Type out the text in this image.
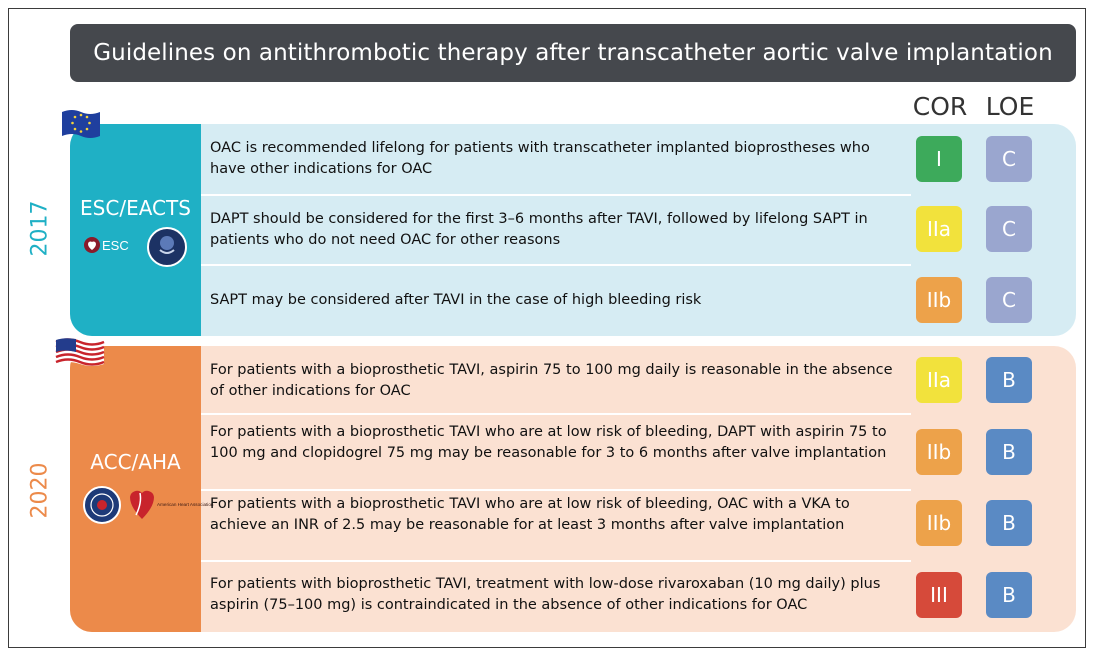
Guidelines on antithrombotic therapy after transcatheter aortic valve implantation
COR LOE
ESC/EACTS
2017	ESC
OAC is recommended lifelong for patients with transcatheter implanted bioprostheses who have other indications for OAC	I	C
DAPT should be considered for the first 3–6 months after TAVI, followed by lifelong SAPT in patients who do not need OAC for other reasons	IIa	C
SAPT may be considered after TAVI in the case of high bleeding risk	IIb	C
ACC/AHA
2020	American Heart Association
For patients with a bioprosthetic TAVI, aspirin 75 to 100 mg daily is reasonable in the absence of other indications for OAC	IIa	B
For patients with a bioprosthetic TAVI who are at low risk of bleeding, DAPT with aspirin 75 to 100 mg and clopidogrel 75 mg may be reasonable for 3 to 6 months after valve implantation	IIb	B
For patients with a bioprosthetic TAVI who are at low risk of bleeding, OAC with a VKA to achieve an INR of 2.5 may be reasonable for at least 3 months after valve implantation	IIb	B
For patients with bioprosthetic TAVI, treatment with low-dose rivaroxaban (10 mg daily) plus aspirin (75–100 mg) is contraindicated in the absence of other indications for OAC	III	B
